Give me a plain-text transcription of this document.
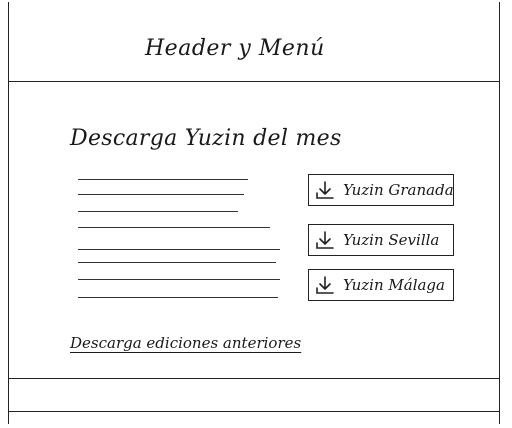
Header y Menú
Descarga Yuzin del mes
Yuzin Granada
Yuzin Sevilla
Yuzin Málaga
Descarga ediciones anteriores
